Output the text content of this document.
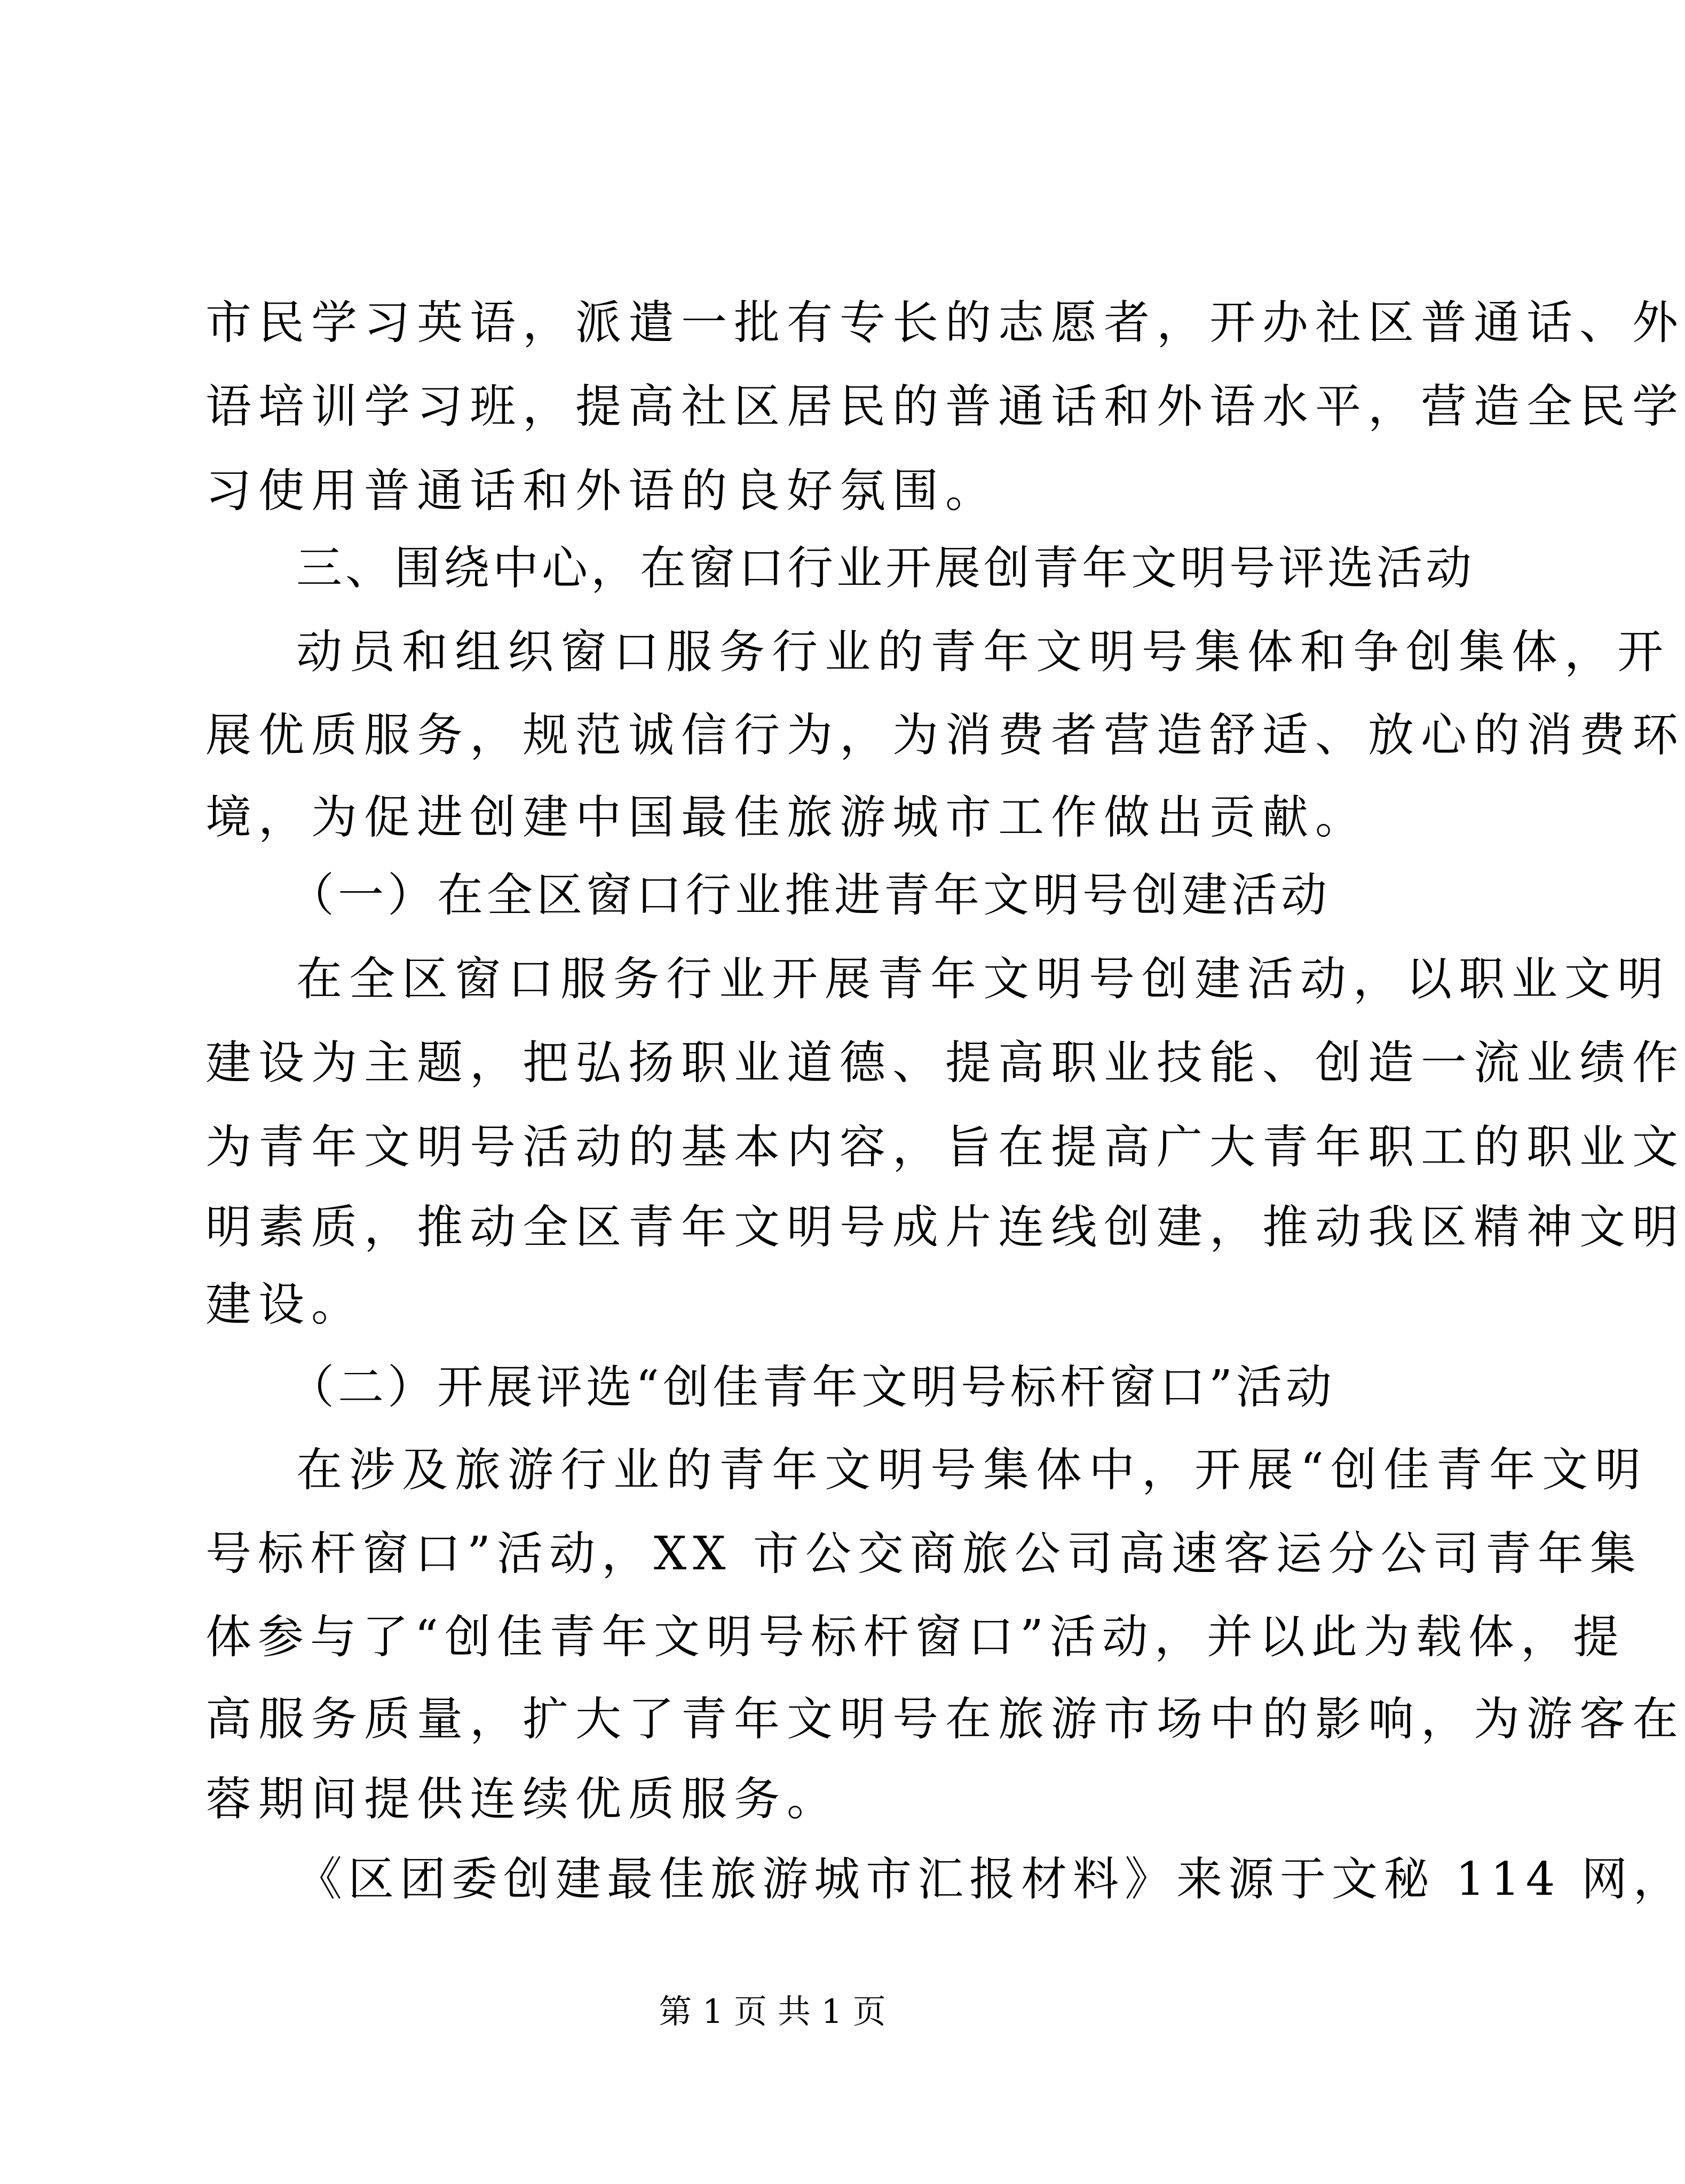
市民学习英语，派遣一批有专长的志愿者，开办社区普通话、外
语培训学习班，提高社区居民的普通话和外语水平，营造全民学
习使用普通话和外语的良好氛围。
三、围绕中心，在窗口行业开展创青年文明号评选活动
动员和组织窗口服务行业的青年文明号集体和争创集体，开
展优质服务，规范诚信行为，为消费者营造舒适、放心的消费环
境，为促进创建中国最佳旅游城市工作做出贡献。
（一）在全区窗口行业推进青年文明号创建活动
在全区窗口服务行业开展青年文明号创建活动，以职业文明
建设为主题，把弘扬职业道德、提高职业技能、创造一流业绩作
为青年文明号活动的基本内容，旨在提高广大青年职工的职业文
明素质，推动全区青年文明号成片连线创建，推动我区精神文明
建设。
（二）开展评选“创佳青年文明号标杆窗口”活动
在涉及旅游行业的青年文明号集体中，开展“创佳青年文明
号标杆窗口”活动，XX 市公交商旅公司高速客运分公司青年集
体参与了“创佳青年文明号标杆窗口”活动，并以此为载体，提
高服务质量，扩大了青年文明号在旅游市场中的影响，为游客在
蓉期间提供连续优质服务。
《区团委创建最佳旅游城市汇报材料》来源于文秘 114 网，
第 1 页 共 1 页
